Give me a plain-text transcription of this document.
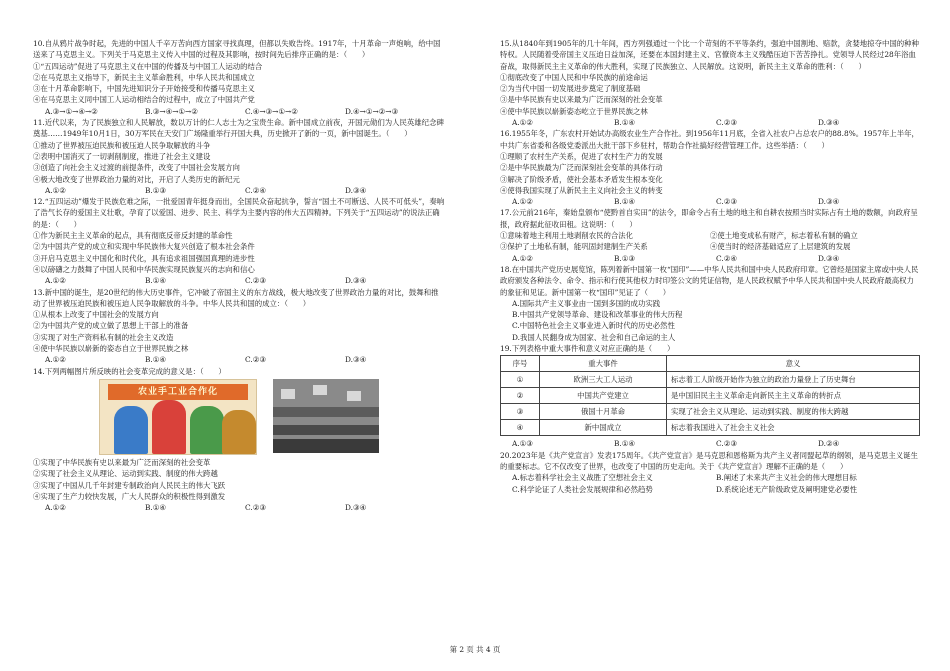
10.自从鸦片战争时起，先进的中国人千辛万苦向西方国家寻找真理，但都以失败告终。1917年，十月革命一声炮响，给中国送来了马克思主义。下列关于马克思主义传入中国的过程及其影响，按时间先后排序正确的是：（　　）

①“五四运动”促进了马克思主义在中国的传播及与中国工人运动的结合

②在马克思主义指导下，新民主主义革命胜利，中华人民共和国成立

③在十月革命影响下，中国先进知识分子开始接受和传播马克思主义

④在马克思主义同中国工人运动相结合的过程中，成立了中国共产党

A.③→①→④→②	B.③→④→①→②	C.④→③→①→②	D.④→①→②→③

11.近代以来，为了民族独立和人民解放，数以万计的仁人志士为之宝贵生命。新中国成立前夜，开国元勋们为人民英雄纪念碑奠基……1949年10月1日，30万军民在天安门广场隆重举行开国大典，历史掀开了新的一页，新中国诞生。（　　）

①推动了世界被压迫民族和被压迫人民争取解放的斗争

②表明中国消灭了一切剥削制度，推进了社会主义建设

③创造了向社会主义过渡的前提条件，改变了中国社会发展方向

④极大地改变了世界政治力量的对比，开启了人类历史的新纪元

A.①②	B.①③	C.②④	D.③④

12.“五四运动”爆发于民族危难之际，一批爱国青年挺身而出，全国民众奋起抗争，誓言“国土不可断送、人民不可低头”，奏响了浩气长存的爱国主义壮歌，孕育了以爱国、进步、民主、科学为主要内容的伟大五四精神。下列关于“五四运动”的说法正确的是：（　　）

①作为新民主主义革命的起点，具有彻底反帝反封建的革命性

②为中国共产党的成立和实现中华民族伟大复兴创造了根本社会条件

③开启马克思主义中国化和时代化，具有追求祖国强国真理的进步性

④以磅礴之力鼓舞了中国人民和中华民族实现民族复兴的志向和信心

A.①②	B.①④	C.②③	D.③④

13.新中国的诞生，是20世纪的伟大历史事件，它冲破了帝国主义的东方战线，极大地改变了世界政治力量的对比，鼓舞和推动了世界被压迫民族和被压迫人民争取解放的斗争。中华人民共和国的成立：（　　）

①从根本上改变了中国社会的发展方向

②为中国共产党的成立做了思想上干部上的准备

③实现了对生产资料私有制的社会主义改造

④使中华民族以崭新的姿态自立于世界民族之林

A.①②	B.①④	C.②③	D.③④

14.下列两幅图片所反映的社会变革完成的意义是：（　　）

农业手工业合作化

①实现了中华民族有史以来最为广泛而深刻的社会变革

②实现了社会主义从理论、运动到实践、制度的伟大跨越

③实现了中国从几千年封建专制政治向人民民主的伟大飞跃

④实现了生产力较快发展，广大人民群众的积极性得到激发

A.①②	B.①④	C.②③	D.③④

15.从1840年到1905年的几十年间，西方列强通过一个比一个苛刻的不平等条约，强迫中国割地、赔款，贪婪地掠夺中国的种种特权。人民随着受帝国主义压迫日益加深，还要在本国封建主义、官僚资本主义残酷压迫下苦苦挣扎。党领导人民经过28年浴血奋战，取得新民主主义革命的伟大胜利，实现了民族独立、人民解放。这说明，新民主主义革命的胜利：（　　）

①彻底改变了中国人民和中华民族的前途命运

②为当代中国一切发展进步奠定了制度基础

③是中华民族有史以来最为广泛而深刻的社会变革

④使中华民族以崭新姿态屹立于世界民族之林

A.①②	B.①④	C.②③	D.③④

16.1955年冬，广东农村开始试办高级农业生产合作社。到1956年11月底，全省入社农户占总农户的88.8%。1957年上半年，中共广东省委和各级党委派出大批干部下乡驻村，帮助合作社搞好经营管理工作。这些举措：（　　）

①理顺了农村生产关系，促进了农村生产力的发展

②是中华民族最为广泛而深刻社会变革的具体行动

③解决了阶级矛盾，使社会基本矛盾发生根本变化

④使得我国实现了从新民主主义向社会主义的转变

A.①②	B.①④	C.②③	D.③④

17.公元前216年，秦始皇颁布“使黔首自实田”的法令，即命令占有土地的地主和自耕农按照当时实际占有土地的数额，向政府呈报，政府据此征收田租。这说明：（　　）

①意味着地主利用土地剥削农民的合法化	②使土地变成私有财产，标志着私有制的确立
③保护了土地私有制，能巩固封建制生产关系	④使当时的经济基础适应了上层建筑的发展
A.①②	B.①③	C.②④	D.③④

18.在中国共产党历史展览馆，陈列着新中国第一枚“国印”——中华人民共和国中央人民政府印章。它曾经是国家主席或中央人民政府颁发各种法令、命令、指示和行使其他权力时印签公文的凭证信物，是人民政权赋予中华人民共和国中央人民政府最高权力的象征和见证。新中国第一枚“国印”见证了（　　）

A.国际共产主义事业由一国到多国的成功实践

B.中国共产党领导革命、建设和改革事业的伟大历程

C.中国特色社会主义事业进入新时代的历史必然性

D.我国人民翻身成为国家、社会和自己命运的主人

19.下列表格中重大事件和意义对应正确的是（　　）

序号	重大事件	意义
①	欧洲三大工人运动	标志着工人阶级开始作为独立的政治力量登上了历史舞台
②	中国共产党建立	是中国旧民主主义革命走向新民主主义革命的转折点
③	俄国十月革命	实现了社会主义从理论、运动到实践、制度的伟大跨越
④	新中国成立	标志着我国进入了社会主义社会
A.①③	B.①④	C.②③	D.②④

20.2023年是《共产党宣言》发表175周年。《共产党宣言》是马克思和恩格斯为共产主义者同盟起草的纲领，是马克思主义诞生的重要标志。它不仅改变了世界，也改变了中国的历史走向。关于《共产党宣言》理解不正确的是（　　）

A.标志着科学社会主义战胜了空想社会主义	B.阐述了未来共产主义社会的伟大理想目标
C.科学论证了人类社会发展规律和必然趋势	D.系统论述无产阶级政党及阐明建党必要性
第 2 页 共 4 页
